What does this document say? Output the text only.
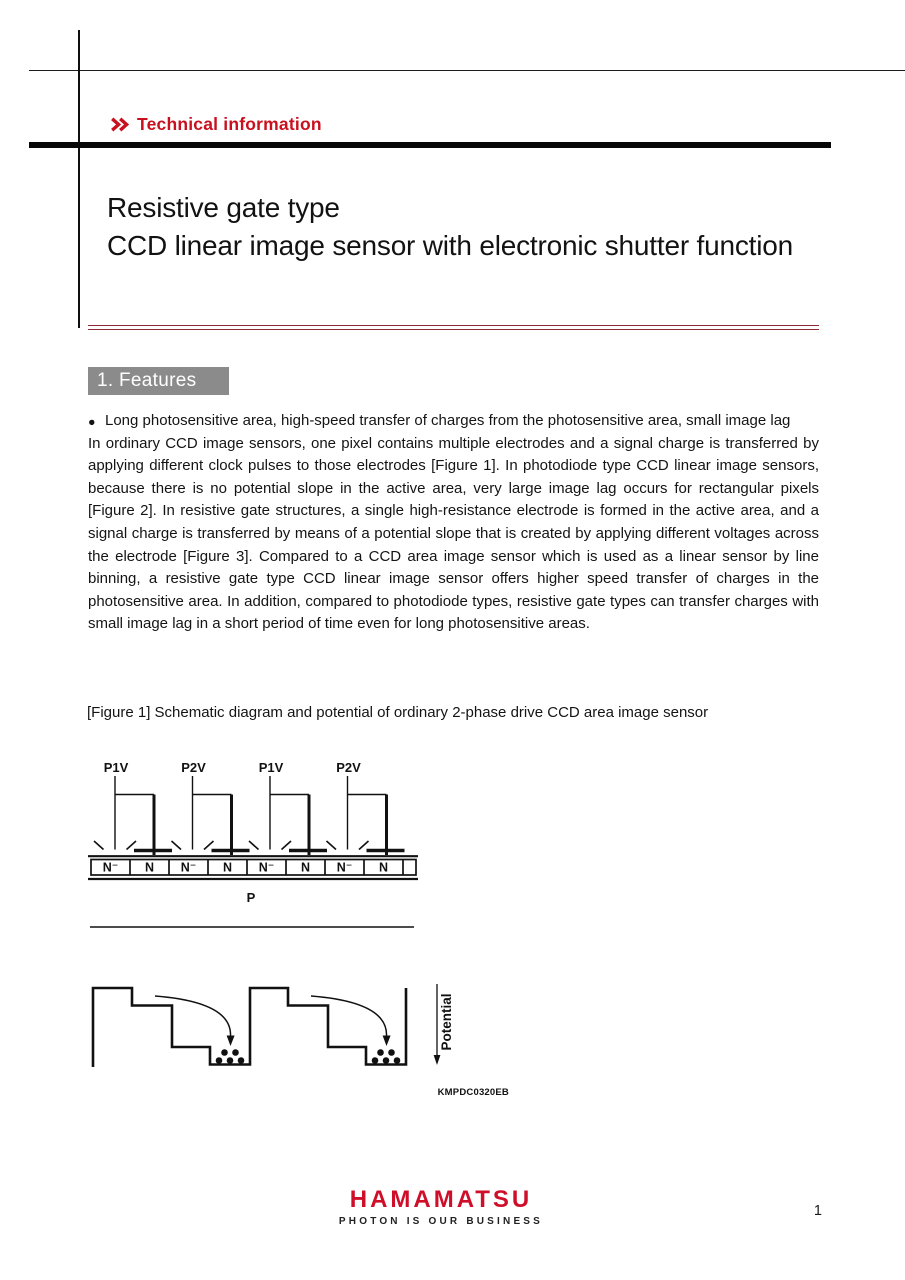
Technical information
Resistive gate type
CCD linear image sensor with electronic shutter function
1. Features
● Long photosensitive area, high-speed transfer of charges from the photosensitive area, small image lag

In ordinary CCD image sensors, one pixel contains multiple electrodes and a signal charge is transferred by applying different clock pulses to those electrodes [Figure 1]. In photodiode type CCD linear image sensors, because there is no potential slope in the active area, very large image lag occurs for rectangular pixels [Figure 2]. In resistive gate structures, a single high-resistance electrode is formed in the active area, and a signal charge is transferred by means of a potential slope that is created by applying different voltages across the electrode [Figure 3]. Compared to a CCD area image sensor which is used as a linear sensor by line binning, a resistive gate type CCD linear image sensor offers higher speed transfer of charges in the photosensitive area. In addition, compared to photodiode types, resistive gate types can transfer charges with small image lag in a short period of time even for long photosensitive areas.

[Figure 1] Schematic diagram and potential of ordinary 2-phase drive CCD area image sensor
P1V	P2V	P1V	P2V
N⁻ N N⁻ N N⁻ N N⁻ N
P
Potential
KMPDC0320EB
HAMAMATSU
PHOTON IS OUR BUSINESS
1
